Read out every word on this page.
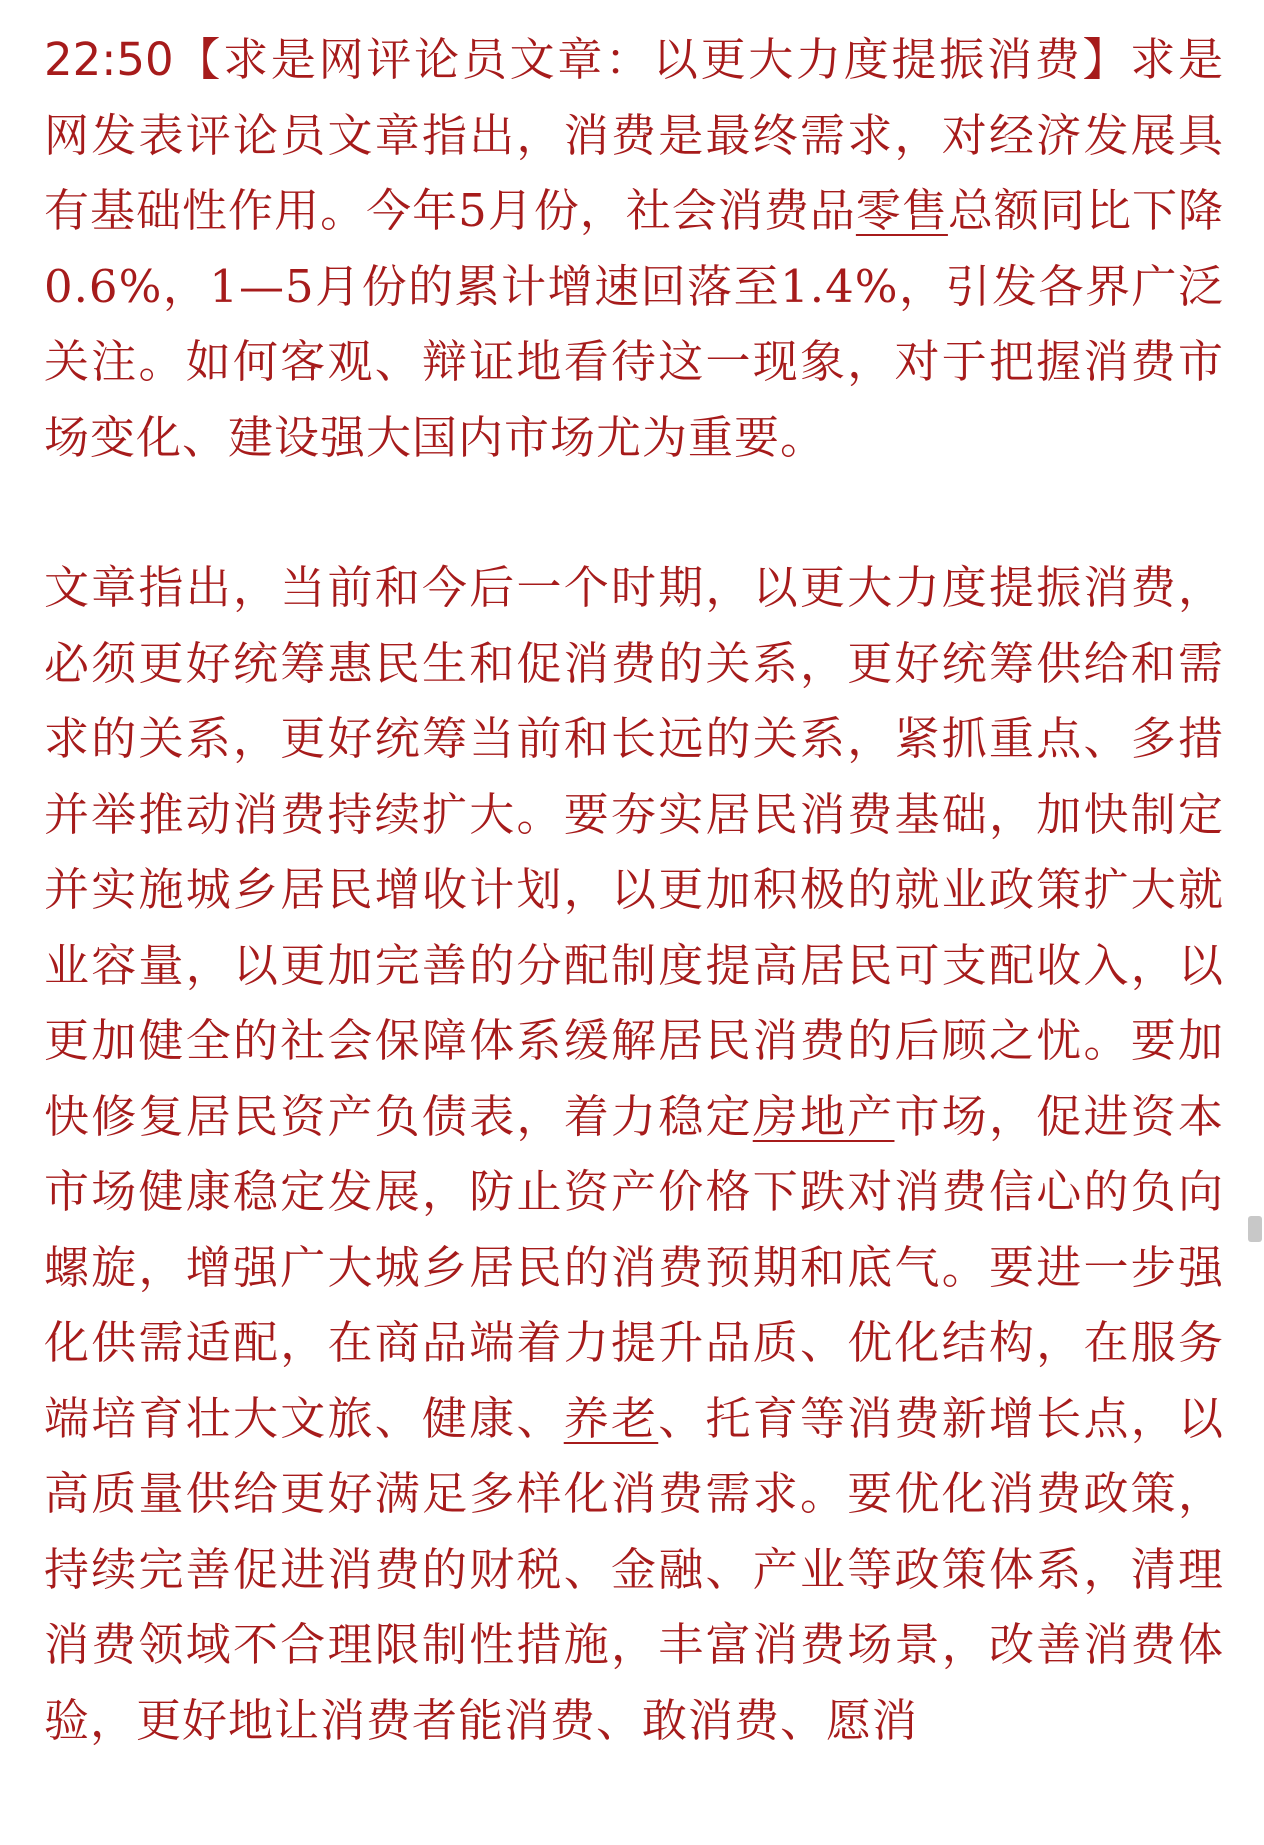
22:50【求是网评论员文章：以更大力度提振消费】求是网发表评论员文章指出，消费是最终需求，对经济发展具有基础性作用。今年5月份，社会消费品零售总额同比下降0.6%，1—5月份的累计增速回落至1.4%，引发各界广泛关注。如何客观、辩证地看待这一现象，对于把握消费市场变化、建设强大国内市场尤为重要。

文章指出，当前和今后一个时期，以更大力度提振消费，必须更好统筹惠民生和促消费的关系，更好统筹供给和需求的关系，更好统筹当前和长远的关系，紧抓重点、多措并举推动消费持续扩大。要夯实居民消费基础，加快制定并实施城乡居民增收计划，以更加积极的就业政策扩大就业容量，以更加完善的分配制度提高居民可支配收入，以更加健全的社会保障体系缓解居民消费的后顾之忧。要加快修复居民资产负债表，着力稳定房地产市场，促进资本市场健康稳定发展，防止资产价格下跌对消费信心的负向螺旋，增强广大城乡居民的消费预期和底气。要进一步强化供需适配，在商品端着力提升品质、优化结构，在服务端培育壮大文旅、健康、养老、托育等消费新增长点，以高质量供给更好满足多样化消费需求。要优化消费政策，持续完善促进消费的财税、金融、产业等政策体系，清理消费领域不合理限制性措施，丰富消费场景，改善消费体验，更好地让消费者能消费、敢消费、愿消
